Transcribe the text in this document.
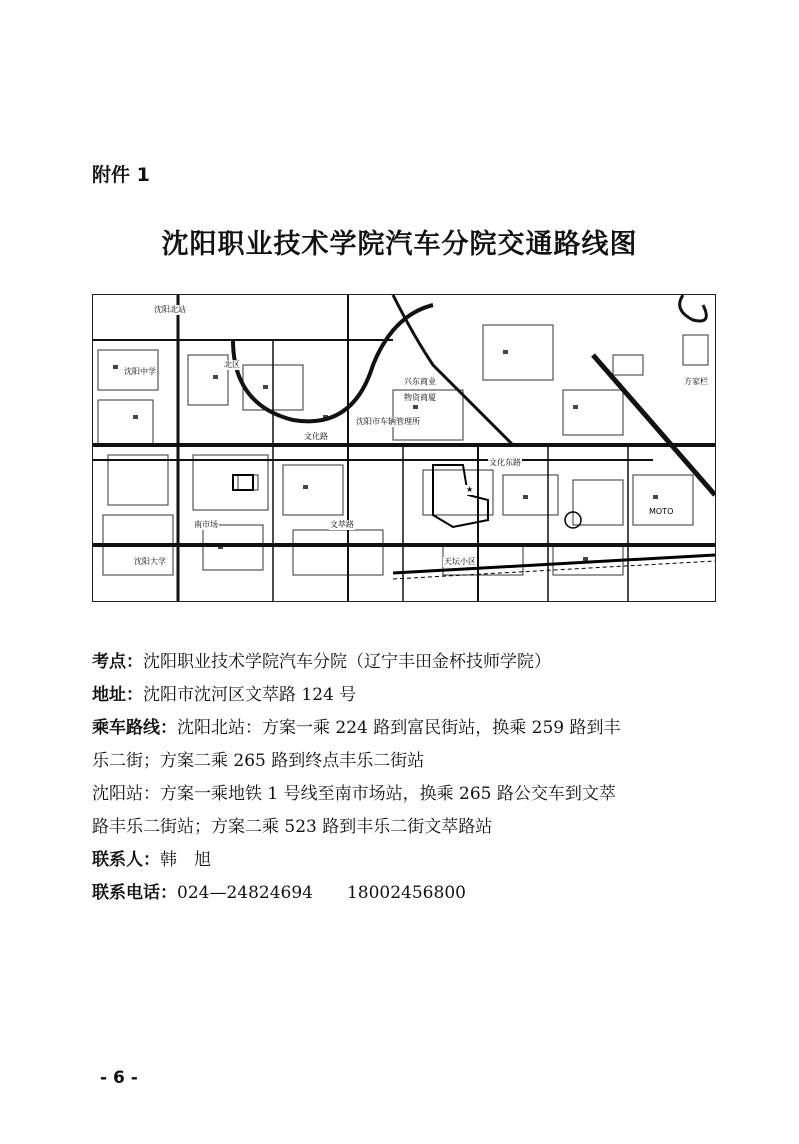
附件 1
沈阳职业技术学院汽车分院交通路线图
沈阳北站
兴东商业
文化路
沈阳大学
文化东路
天坛小区
MOTO
方家栏
沈阳市车辆管理所
北区
文萃路
南市场
物资商厦
沈阳中学
★

考点：沈阳职业技术学院汽车分院（辽宁丰田金杯技师学院）

地址：沈阳市沈河区文萃路 124 号

乘车路线：沈阳北站：方案一乘 224 路到富民街站，换乘 259 路到丰

乐二街；方案二乘 265 路到终点丰乐二街站

沈阳站：方案一乘地铁 1 号线至南市场站，换乘 265 路公交车到文萃

路丰乐二街站；方案二乘 523 路到丰乐二街文萃路站

联系人：韩　旭

联系电话：024—24824694　　18002456800

- 6 -
